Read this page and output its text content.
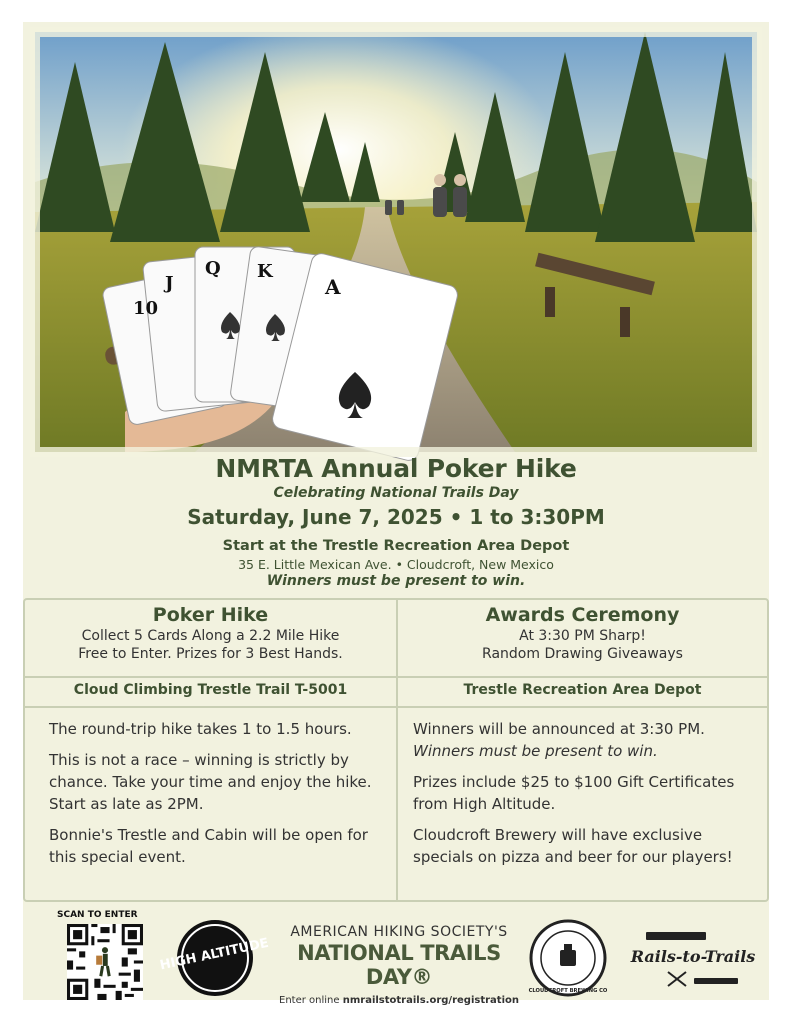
10
J
Q K
A
NMRTA Annual Poker Hike
Celebrating National Trails Day
Saturday, June 7, 2025 • 1 to 3:30PM
Start at the Trestle Recreation Area Depot
35 E. Little Mexican Ave. • Cloudcroft, New Mexico
Winners must be present to win.
Poker Hike
Collect 5 Cards Along a 2.2 Mile Hike
Free to Enter. Prizes for 3 Best Hands.
Awards Ceremony
At 3:30 PM Sharp!
Random Drawing Giveaways
Cloud Climbing Trestle Trail T-5001	Trestle Recreation Area Depot

The round-trip hike takes 1 to 1.5 hours.

This is not a race – winning is strictly by chance. Take your time and enjoy the hike. Start as late as 2PM.

Bonnie's Trestle and Cabin will be open for this special event.

Winners will be announced at 3:30 PM.
Winners must be present to win.

Prizes include $25 to $100 Gift Certificates from High Altitude.

Cloudcroft Brewery will have exclusive specials on pizza and beer for our players!

SCAN TO ENTER
HIGH ALTITUDE
AMERICAN HIKING SOCIETY'S
NATIONAL TRAILS DAY®
Enter online nmrailstotrails.org/registration
CLOUDCROFT BREWING CO
Rails-to-Trails
